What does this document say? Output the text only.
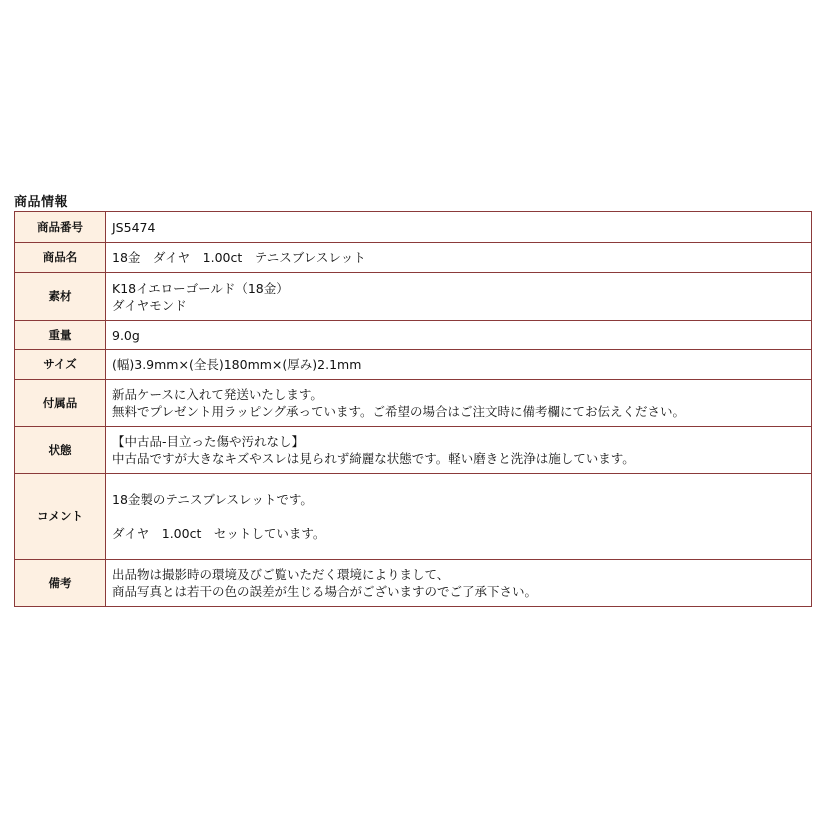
商品情報
商品番号	JS5474

商品名	18金　ダイヤ　1.00ct　テニスブレスレット

素材	K18イエローゴールド（18金）
ダイヤモンド

重量	9.0g

サイズ	(幅)3.9mm×(全長)180mm×(厚み)2.1mm

付属品	新品ケースに入れて発送いたします。
無料でプレゼント用ラッピング承っています。ご希望の場合はご注文時に備考欄にてお伝えください。

状態	【中古品-目立った傷や汚れなし】
中古品ですが大きなキズやスレは見られず綺麗な状態です。軽い磨きと洗浄は施しています。

コメント	18金製のテニスブレスレットです。
ダイヤ　1.00ct　セットしています。

備考	出品物は撮影時の環境及びご覧いただく環境によりまして、
商品写真とは若干の色の誤差が生じる場合がございますのでご了承下さい。
